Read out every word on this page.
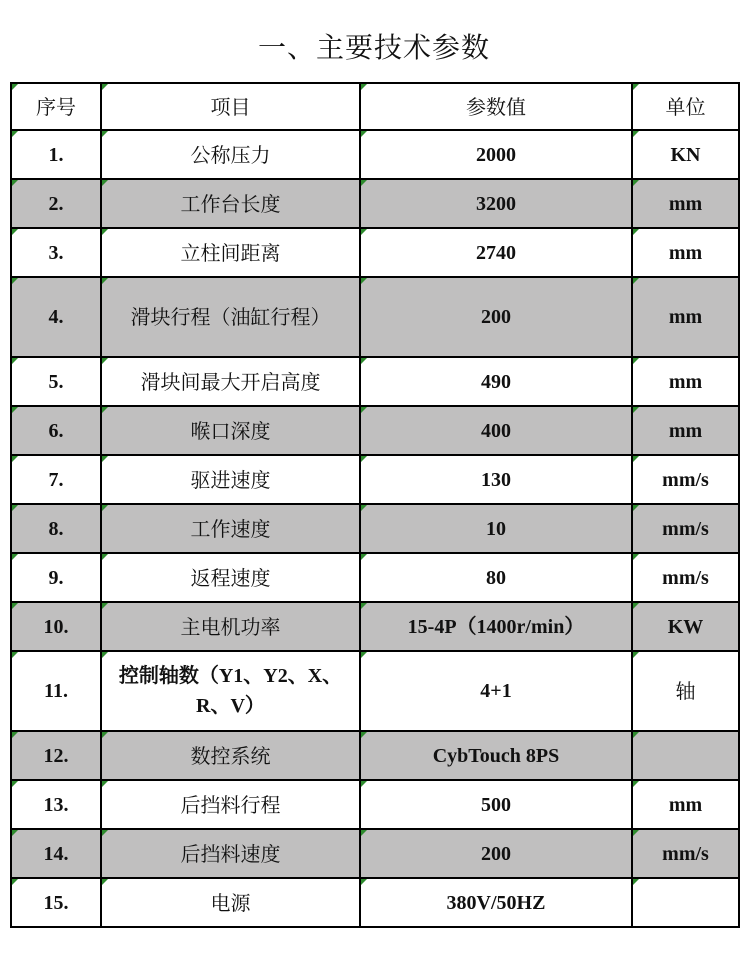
一、主要技术参数
序号	项目	参数值	单位
1.	公称压力	2000	KN
2.	工作台长度	3200	mm
3.	立柱间距离	2740	mm
4.	滑块行程（油缸行程）	200	mm
5.	滑块间最大开启高度	490	mm
6.	喉口深度	400	mm
7.	驱进速度	130	mm/s
8.	工作速度	10	mm/s
9.	返程速度	80	mm/s
10.	主电机功率	15-4P（1400r/min）	KW
11.	控制轴数（Y1、Y2、X、R、V）	4+1	轴
12.	数控系统	CybTouch 8PS	
13.	后挡料行程	500	mm
14.	后挡料速度	200	mm/s
15.	电源	380V/50HZ	
